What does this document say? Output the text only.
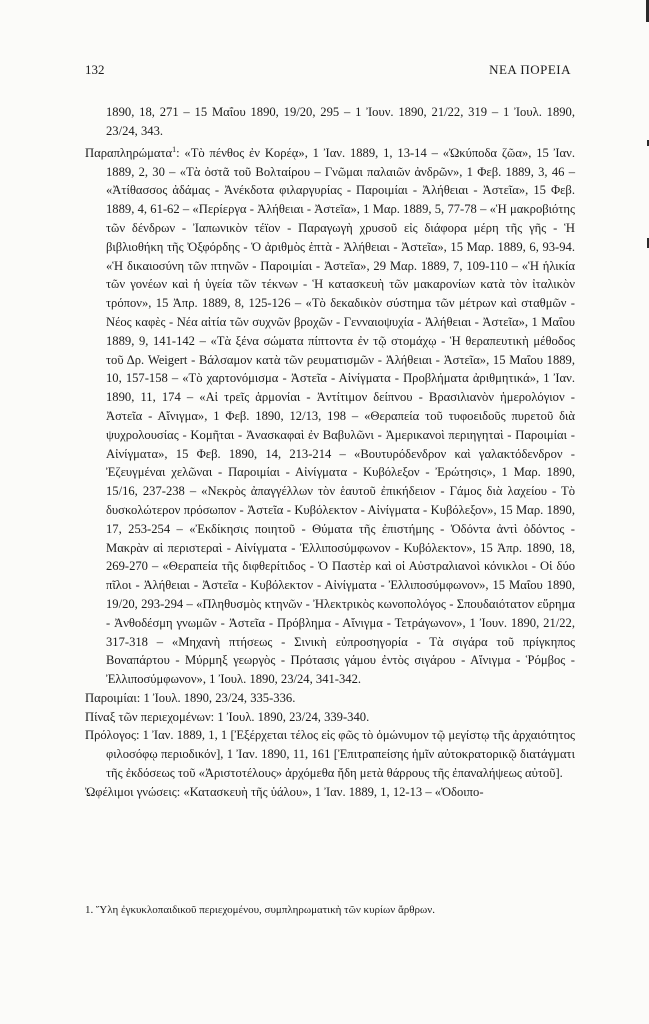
132	ΝΕΑ ΠΟΡΕΙΑ

1890, 18, 271 – 15 Μαΐου 1890, 19/20, 295 – 1 Ἰουν. 1890, 21/22, 319 – 1 Ἰουλ. 1890, 23/24, 343.

Παραπληρώματα$^1$: «Τὸ πένθος ἐν Κορέᾳ», 1 Ἰαν. 1889, 1, 13-14 – «Ὠκύποδα ζῶα», 15 Ἰαν. 1889, 2, 30 – «Τὰ ὀστᾶ τοῦ Βολταίρου – Γνῶμαι παλαιῶν ἀνδρῶν», 1 Φεβ. 1889, 3, 46 – «Ἀτίθασσος ἀδάμας - Ἀνέκδοτα φιλαργυρίας - Παροιμίαι - Ἀλήθειαι - Ἀστεῖα», 15 Φεβ. 1889, 4, 61-62 – «Περίεργα - Ἀλήθειαι - Ἀστεῖα», 1 Μαρ. 1889, 5, 77-78 – «Ἡ μακροβιότης τῶν δένδρων - Ἰαπωνικὸν τέϊον - Παραγωγὴ χρυσοῦ εἰς διάφορα μέρη τῆς γῆς - Ἡ βιβλιοθήκη τῆς Ὀξφόρδης - Ὁ ἀριθμὸς ἑπτὰ - Ἀλήθειαι - Ἀστεῖα», 15 Μαρ. 1889, 6, 93-94. «Ἡ δικαιοσύνη τῶν πτηνῶν - Παροιμίαι - Ἀστεῖα», 29 Μαρ. 1889, 7, 109-110 – «Ἡ ἡλικία τῶν γονέων καὶ ἡ ὑγεία τῶν τέκνων - Ἡ κατασκευὴ τῶν μακαρονίων κατὰ τὸν ἰταλικὸν τρόπον», 15 Ἀπρ. 1889, 8, 125-126 – «Τὸ δεκαδικὸν σύστημα τῶν μέτρων καὶ σταθμῶν - Νέος καφὲς - Νέα αἰτία τῶν συχνῶν βροχῶν - Γενναιοψυχία - Ἀλήθειαι - Ἀστεῖα», 1 Μαΐου 1889, 9, 141-142 – «Τὰ ξένα σώματα πίπτοντα ἐν τῷ στομάχῳ - Ἡ θεραπευτικὴ μέθοδος τοῦ Δρ. Weigert - Βάλσαμον κατὰ τῶν ρευματισμῶν - Ἀλήθειαι - Ἀστεῖα», 15 Μαΐου 1889, 10, 157-158 – «Τὸ χαρτονόμισμα - Ἀστεῖα - Αἰνίγματα - Προβλήματα ἀριθμητικά», 1 Ἰαν. 1890, 11, 174 – «Αἱ τρεῖς ἁρμονίαι - Ἀντίτιμον δείπνου - Βρασιλιανὸν ἡμερολόγιον - Ἀστεῖα - Αἴνιγμα», 1 Φεβ. 1890, 12/13, 198 – «Θεραπεία τοῦ τυφοειδοῦς πυρετοῦ διὰ ψυχρολουσίας - Κομῆται - Ἀνασκαφαὶ ἐν Βαβυλῶνι - Ἀμερικανοὶ περιηγηταὶ - Παροιμίαι - Αἰνίγματα», 15 Φεβ. 1890, 14, 213-214 – «Βουτυρόδενδρον καὶ γαλακτόδενδρον - Ἐζευγμέναι χελῶναι - Παροιμίαι - Αἰνίγματα - Κυβόλεξον - Ἐρώτησις», 1 Μαρ. 1890, 15/16, 237-238 – «Νεκρὸς ἀπαγγέλλων τὸν ἑαυτοῦ ἐπικήδειον - Γάμος διὰ λαχείου - Τὸ δυσκολώτερον πρόσωπον - Ἀστεῖα - Κυβόλεκτον - Αἰνίγματα - Κυβόλεξον», 15 Μαρ. 1890, 17, 253-254 – «Ἐκδίκησις ποιητοῦ - Θύματα τῆς ἐπιστήμης - Ὀδόντα ἀντὶ ὀδόντος - Μακρὰν αἱ περιστεραὶ - Αἰνίγματα - Ἐλλιποσύμφωνον - Κυβόλεκτον», 15 Ἀπρ. 1890, 18, 269-270 – «Θεραπεία τῆς διφθερίτιδος - Ὁ Παστὲρ καὶ οἱ Αὐστραλιανοὶ κόνικλοι - Οἱ δύο πῖλοι - Ἀλήθειαι - Ἀστεῖα - Κυβόλεκτον - Αἰνίγματα - Ἐλλιποσύμφωνον», 15 Μαΐου 1890, 19/20, 293-294 – «Πληθυσμὸς κτηνῶν - Ἠλεκτρικὸς κωνοπολόγος - Σπουδαιότατον εὕρημα - Ἀνθοδέσμη γνωμῶν - Ἀστεῖα - Πρόβλημα - Αἴνιγμα - Τετράγωνον», 1 Ἰουν. 1890, 21/22, 317-318 – «Μηχανὴ πτήσεως - Σινικὴ εὐπροσηγορία - Τὰ σιγάρα τοῦ πρίγκηπος Βοναπάρτου - Μύρμηξ γεωργὸς - Πρότασις γάμου ἐντὸς σιγάρου - Αἴνιγμα - Ῥόμβος - Ἐλλιποσύμφωνον», 1 Ἰουλ. 1890, 23/24, 341-342.

Παροιμίαι: 1 Ἰουλ. 1890, 23/24, 335-336.

Πίναξ τῶν περιεχομένων: 1 Ἰουλ. 1890, 23/24, 339-340.

Πρόλογος: 1 Ἰαν. 1889, 1, 1 [Ἐξέρχεται τέλος εἰς φῶς τὸ ὁμώνυμον τῷ μεγίστῳ τῆς ἀρχαιότητος φιλοσόφῳ περιοδικόν], 1 Ἰαν. 1890, 11, 161 [Ἐπιτραπείσης ἡμῖν αὐτοκρατορικῷ διατάγματι τῆς ἐκδόσεως τοῦ «Ἀριστοτέλους» ἀρχόμεθα ἤδη μετὰ θάρρους τῆς ἐπαναλήψεως αὐτοῦ].

Ὠφέλιμοι γνώσεις: «Κατασκευὴ τῆς ὑάλου», 1 Ἰαν. 1889, 1, 12-13 – «Ὁδοιπο-

1. Ὕλη ἐγκυκλοπαιδικοῦ περιεχομένου, συμπληρωματικὴ τῶν κυρίων ἄρθρων.
